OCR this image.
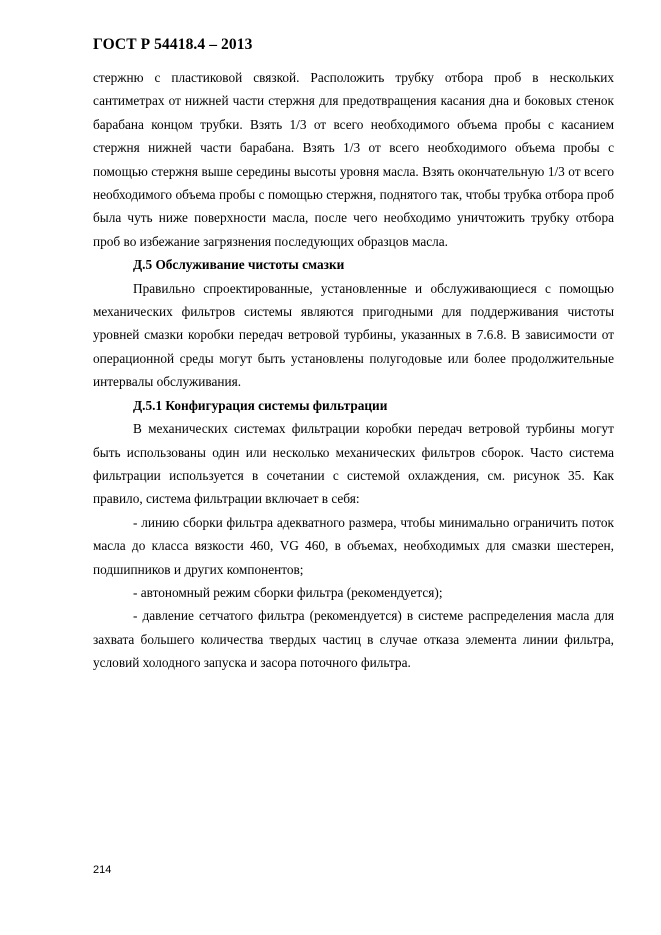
ГОСТ Р 54418.4 – 2013

стержню с пластиковой связкой. Расположить трубку отбора проб в нескольких сантиметрах от нижней части стержня для предотвращения касания дна и боковых стенок барабана концом трубки. Взять 1/3 от всего необходимого объема пробы с касанием стержня нижней части барабана. Взять 1/3 от всего необходимого объема пробы с помощью стержня выше середины высоты уровня масла. Взять окончательную 1/3 от всего необходимого объема пробы с помощью стержня, поднятого так, чтобы трубка отбора проб была чуть ниже поверхности масла, после чего необходимо уничтожить трубку отбора проб во избежание загрязнения последующих образцов масла.

Д.5 Обслуживание чистоты смазки

Правильно спроектированные, установленные и обслуживающиеся с помощью механических фильтров системы являются пригодными для поддерживания чистоты уровней смазки коробки передач ветровой турбины, указанных в 7.6.8. В зависимости от операционной среды могут быть установлены полугодовые или более продолжительные интервалы обслуживания.

Д.5.1 Конфигурация системы фильтрации

В механических системах фильтрации коробки передач ветровой турбины могут быть использованы один или несколько механических фильтров сборок. Часто система фильтрации используется в сочетании с системой охлаждения, см. рисунок 35. Как правило, система фильтрации включает в себя:

- линию сборки фильтра адекватного размера, чтобы минимально ограничить поток масла до класса вязкости 460, VG 460, в объемах, необходимых для смазки шестерен, подшипников и других компонентов;

- автономный режим сборки фильтра (рекомендуется);

- давление сетчатого фильтра (рекомендуется) в системе распределения масла для захвата большего количества твердых частиц в случае отказа элемента линии фильтра, условий холодного запуска и засора поточного фильтра.

214
